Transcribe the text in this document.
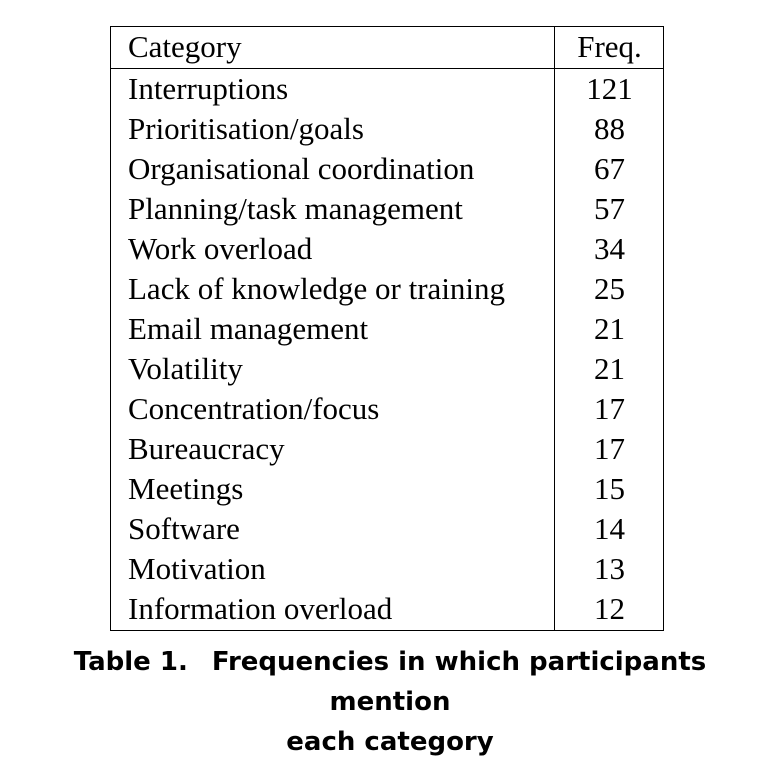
Category	Freq.
Interruptions	121
Prioritisation/goals	88
Organisational coordination	67
Planning/task management	57
Work overload	34
Lack of knowledge or training	25
Email management	21
Volatility	21
Concentration/focus	17
Bureaucracy	17
Meetings	15
Software	14
Motivation	13
Information overload	12
Table 1. Frequencies in which participants mention
each category
